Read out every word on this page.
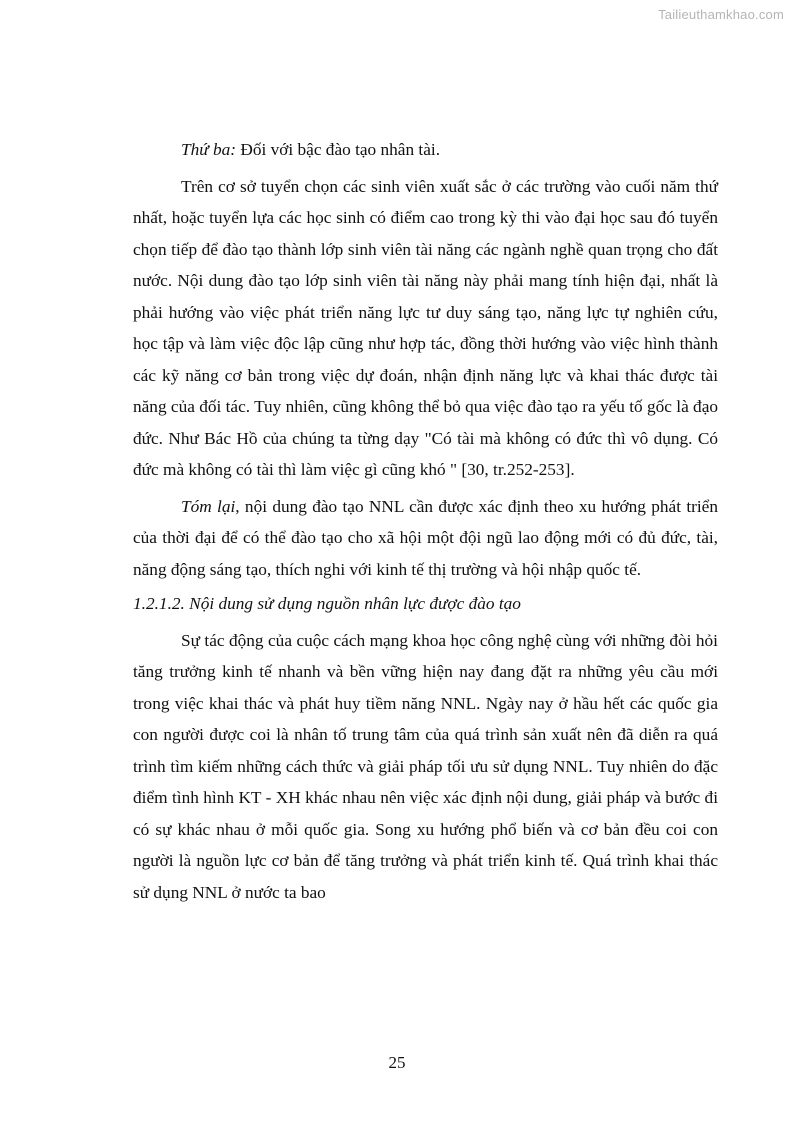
Tailieuthamkhao.com

Thứ ba: Đối với bậc đào tạo nhân tài.

Trên cơ sở tuyển chọn các sinh viên xuất sắc ở các trường vào cuối năm thứ nhất, hoặc tuyển lựa các học sinh có điểm cao trong kỳ thi vào đại học sau đó tuyển chọn tiếp để đào tạo thành lớp sinh viên tài năng các ngành nghề quan trọng cho đất nước. Nội dung đào tạo lớp sinh viên tài năng này phải mang tính hiện đại, nhất là phải hướng vào việc phát triển năng lực tư duy sáng tạo, năng lực tự nghiên cứu, học tập và làm việc độc lập cũng như hợp tác, đồng thời hướng vào việc hình thành các kỹ năng cơ bản trong việc dự đoán, nhận định năng lực và khai thác được tài năng của đối tác. Tuy nhiên, cũng không thể bỏ qua việc đào tạo ra yếu tố gốc là đạo đức. Như Bác Hồ của chúng ta từng dạy "Có tài mà không có đức thì vô dụng. Có đức mà không có tài thì làm việc gì cũng khó " [30, tr.252-253].

Tóm lại, nội dung đào tạo NNL cần được xác định theo xu hướng phát triển của thời đại để có thể đào tạo cho xã hội một đội ngũ lao động mới có đủ đức, tài, năng động sáng tạo, thích nghi với kinh tế thị trường và hội nhập quốc tế.

1.2.1.2. Nội dung sử dụng nguồn nhân lực được đào tạo

Sự tác động của cuộc cách mạng khoa học công nghệ cùng với những đòi hỏi tăng trưởng kinh tế nhanh và bền vững hiện nay đang đặt ra những yêu cầu mới trong việc khai thác và phát huy tiềm năng NNL. Ngày nay ở hầu hết các quốc gia con người được coi là nhân tố trung tâm của quá trình sản xuất nên đã diễn ra quá trình tìm kiếm những cách thức và giải pháp tối ưu sử dụng NNL. Tuy nhiên do đặc điểm tình hình KT - XH khác nhau nên việc xác định nội dung, giải pháp và bước đi có sự khác nhau ở mỗi quốc gia. Song xu hướng phổ biến và cơ bản đều coi con người là nguồn lực cơ bản để tăng trưởng và phát triển kinh tế. Quá trình khai thác sử dụng NNL ở nước ta bao

25
